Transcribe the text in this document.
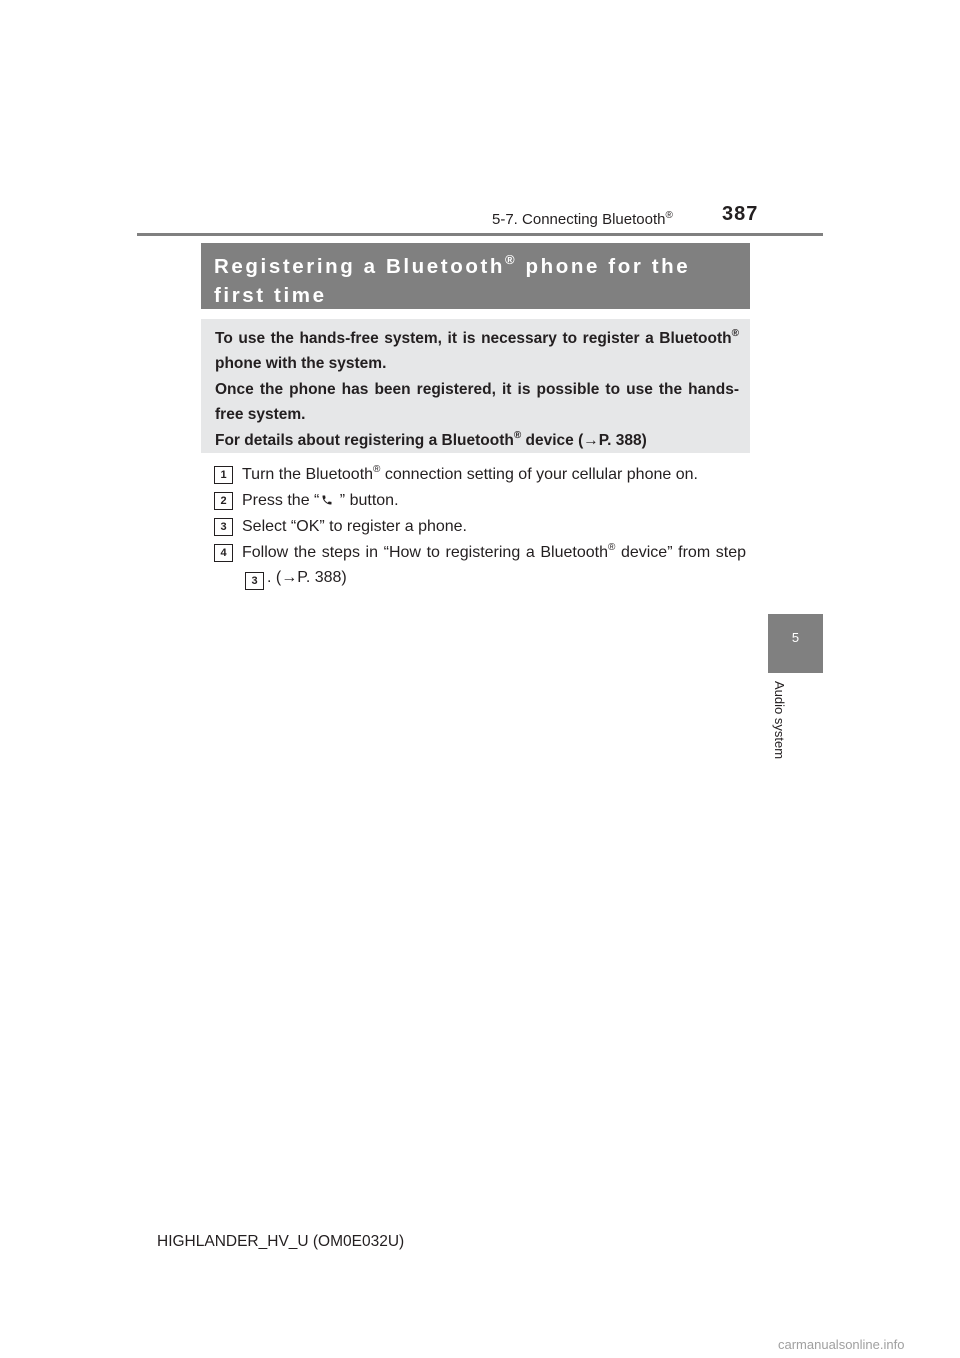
5-7. Connecting Bluetooth® 387
5
Audio system
Registering a Bluetooth® phone for the first time

To use the hands-free system, it is necessary to register a Bluetooth® phone with the system.

Once the phone has been registered, it is possible to use the hands-free system.

For details about registering a Bluetooth® device (→P. 388)

1 Turn the Bluetooth® connection setting of your cellular phone on.
2 Press the “ ” button.
3 Select “OK” to register a phone.
4 Follow the steps in “How to registering a Bluetooth® device” from step 3 . (→P. 388)
HIGHLANDER_HV_U (OM0E032U)
carmanualsonline.info
